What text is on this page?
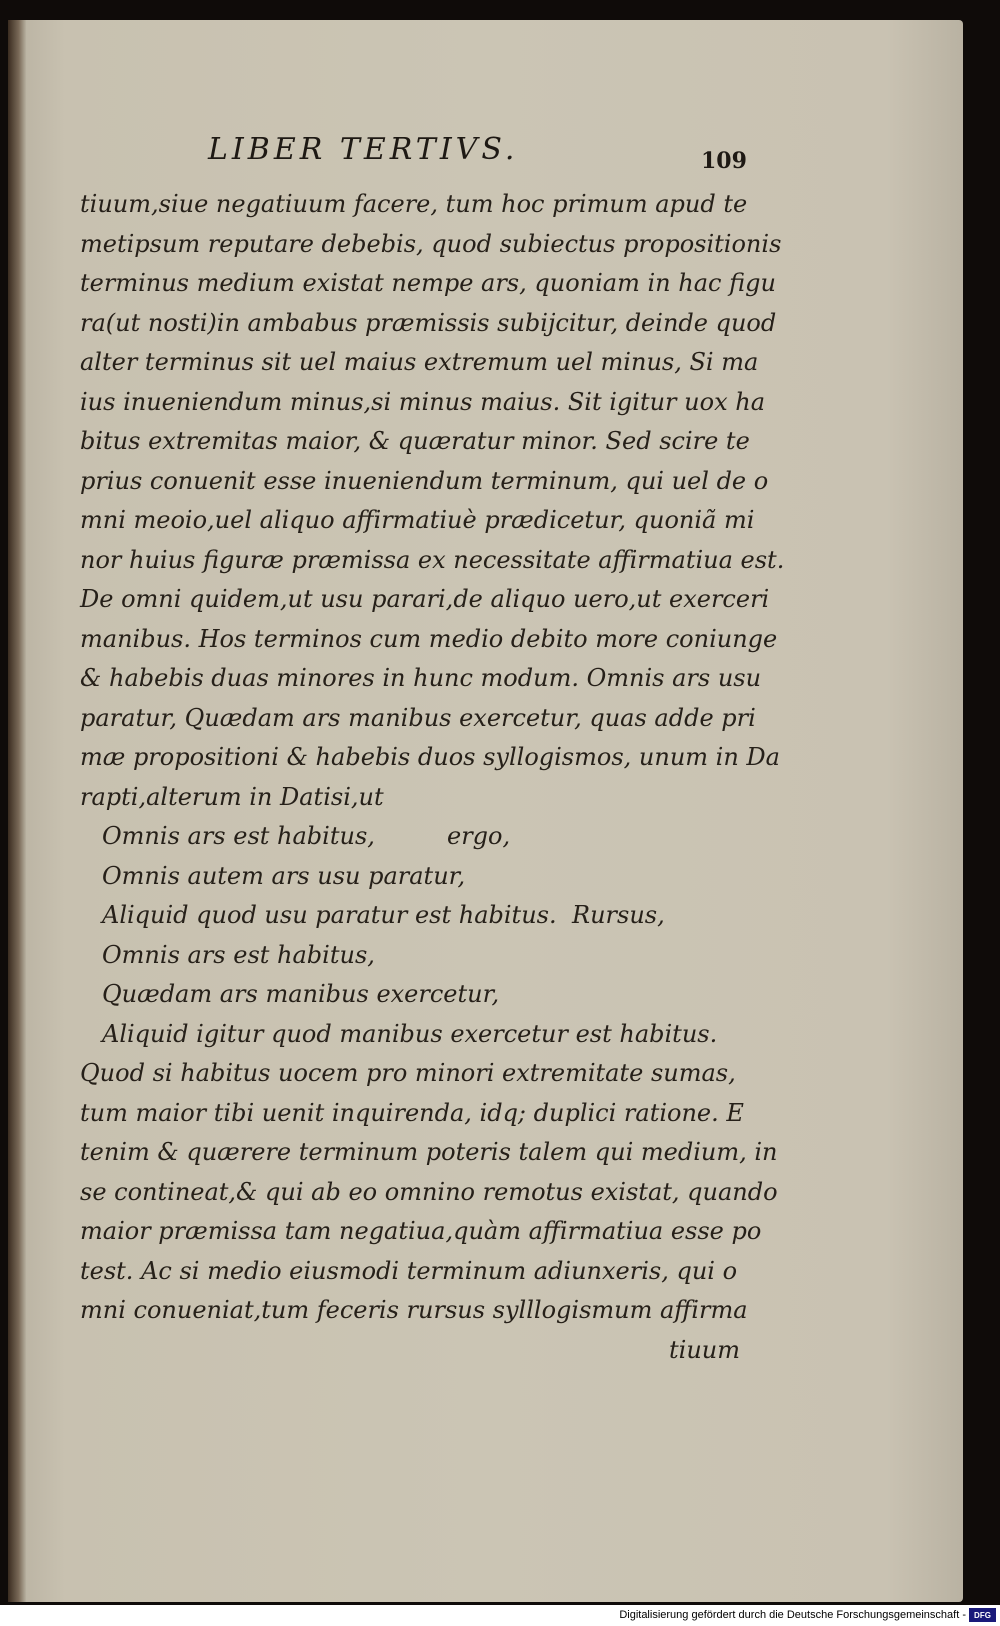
LIBER TERTIVS.	109
tiuum,siue negatiuum facere, tum hoc primum apud te
metipsum reputare debebis, quod subiectus propositionis
terminus medium existat nempe ars, quoniam in hac figu
ra(ut nosti)in ambabus præmissis subijcitur, deinde quod
alter terminus sit uel maius extremum uel minus, Si ma
ius inueniendum minus,si minus maius. Sit igitur uox ha
bitus extremitas maior, & quæratur minor. Sed scire te
prius conuenit esse inueniendum terminum, qui uel de o
mni meoio,uel aliquo affirmatiuè prædicetur, quoniã mi
nor huius figuræ præmissa ex necessitate affirmatiua est.
De omni quidem,ut usu parari,de aliquo uero,ut exerceri
manibus. Hos terminos cum medio debito more coniunge
& habebis duas minores in hunc modum. Omnis ars usu
paratur, Quædam ars manibus exercetur, quas adde pri
mæ propositioni & habebis duos syllogismos, unum in Da
rapti,alterum in Datisi,ut
Omnis ars est habitus,	ergo,
Omnis autem ars usu paratur,
Aliquid quod usu paratur est habitus. Rursus,
Omnis ars est habitus,
Quædam ars manibus exercetur,
Aliquid igitur quod manibus exercetur est habitus.
Quod si habitus uocem pro minori extremitate sumas,
tum maior tibi uenit inquirenda, idq; duplici ratione. E
tenim & quærere terminum poteris talem qui medium, in
se contineat,& qui ab eo omnino remotus existat, quando
maior præmissa tam negatiua,quàm affirmatiua esse po
test. Ac si medio eiusmodi terminum adiunxeris, qui o
mni conueniat,tum feceris rursus sylllogismum affirma
tiuum
Digitalisierung gefördert durch die Deutsche Forschungsgemeinschaft -	DFG
